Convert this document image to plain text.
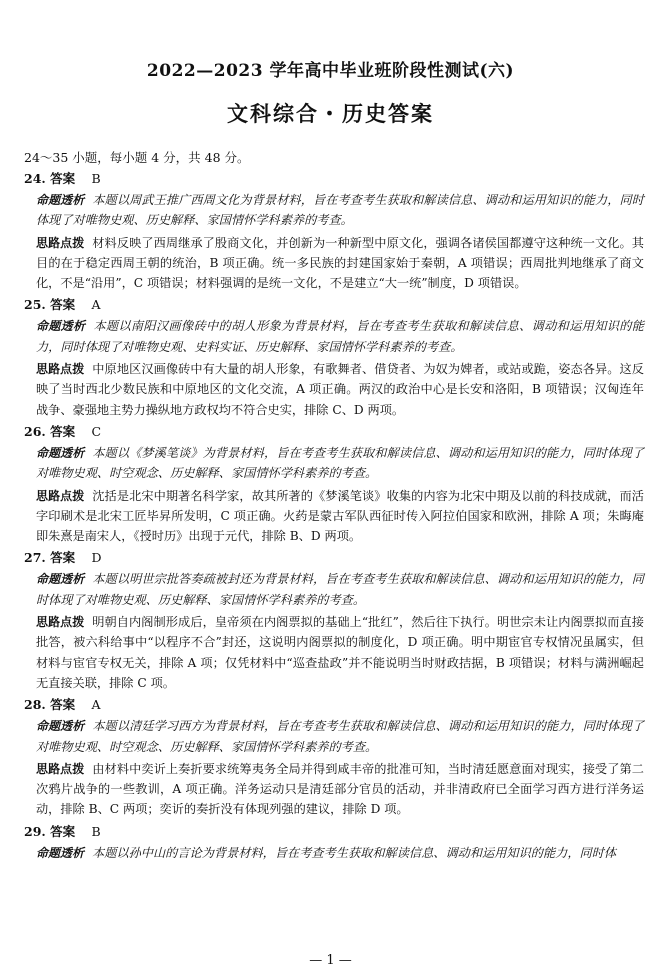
2022—2023 学年高中毕业班阶段性测试(六)
文科综合・历史答案

24～35 小题，每小题 4 分，共 48 分。

24. 答案 B

命题透析 本题以周武王推广西周文化为背景材料，旨在考查考生获取和解读信息、调动和运用知识的能力，同时体现了对唯物史观、历史解释、家国情怀学科素养的考查。

思路点拨 材料反映了西周继承了殷商文化，并创新为一种新型中原文化，强调各诸侯国都遵守这种统一文化。其目的在于稳定西周王朝的统治，B 项正确。统一多民族的封建国家始于秦朝，A 项错误；西周批判地继承了商文化，不是“沿用”，C 项错误；材料强调的是统一文化，不是建立“大一统”制度，D 项错误。

25. 答案 A

命题透析 本题以南阳汉画像砖中的胡人形象为背景材料，旨在考查考生获取和解读信息、调动和运用知识的能力，同时体现了对唯物史观、史料实证、历史解释、家国情怀学科素养的考查。

思路点拨 中原地区汉画像砖中有大量的胡人形象，有歌舞者、借贷者、为奴为婢者，或站或跪，姿态各异。这反映了当时西北少数民族和中原地区的文化交流，A 项正确。两汉的政治中心是长安和洛阳，B 项错误；汉匈连年战争、豪强地主势力操纵地方政权均不符合史实，排除 C、D 两项。

26. 答案 C

命题透析 本题以《梦溪笔谈》为背景材料，旨在考查考生获取和解读信息、调动和运用知识的能力，同时体现了对唯物史观、时空观念、历史解释、家国情怀学科素养的考查。

思路点拨 沈括是北宋中期著名科学家，故其所著的《梦溪笔谈》收集的内容为北宋中期及以前的科技成就，而活字印刷术是北宋工匠毕昇所发明，C 项正确。火药是蒙古军队西征时传入阿拉伯国家和欧洲，排除 A 项；朱晦庵即朱熹是南宋人，《授时历》出现于元代，排除 B、D 两项。

27. 答案 D

命题透析 本题以明世宗批答奏疏被封还为背景材料，旨在考查考生获取和解读信息、调动和运用知识的能力，同时体现了对唯物史观、历史解释、家国情怀学科素养的考查。

思路点拨 明朝自内阁制形成后，皇帝须在内阁票拟的基础上“批红”，然后往下执行。明世宗未让内阁票拟而直接批答，被六科给事中“以程序不合”封还，这说明内阁票拟的制度化，D 项正确。明中期宦官专权情况虽属实，但材料与宦官专权无关，排除 A 项；仅凭材料中“巡查盐政”并不能说明当时财政拮据，B 项错误；材料与满洲崛起无直接关联，排除 C 项。

28. 答案 A

命题透析 本题以清廷学习西方为背景材料，旨在考查考生获取和解读信息、调动和运用知识的能力，同时体现了对唯物史观、时空观念、历史解释、家国情怀学科素养的考查。

思路点拨 由材料中奕䜣上奏折要求统筹夷务全局并得到咸丰帝的批准可知，当时清廷愿意面对现实，接受了第二次鸦片战争的一些教训，A 项正确。洋务运动只是清廷部分官员的活动，并非清政府已全面学习西方进行洋务运动，排除 B、C 两项；奕䜣的奏折没有体现列强的建议，排除 D 项。

29. 答案 B

命题透析 本题以孙中山的言论为背景材料，旨在考查考生获取和解读信息、调动和运用知识的能力，同时体

— 1 —
